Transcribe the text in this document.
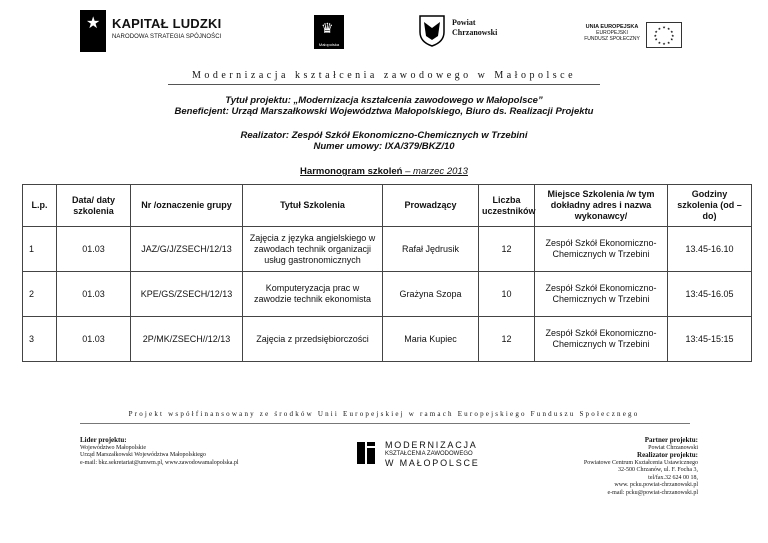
★ KAPITAŁ LUDZKI
NARODOWA STRATEGIA SPÓJNOŚCI
♛
Małopolska
Powiat
Chrzanowski
UNIA EUROPEJSKA
EUROPEJSKI
FUNDUSZ SPOŁECZNY
★ ★
★
★
★
★
★
★
★
★
★
★
Modernizacja kształcenia zawodowego w Małopolsce
Tytuł projektu: „Modernizacja kształcenia zawodowego w Małopolsce”
Beneficjent: Urząd Marszałkowski Województwa Małopolskiego, Biuro ds. Realizacji Projektu
Realizator: Zespół Szkół Ekonomiczno-Chemicznych w Trzebini
Numer umowy: IXA/379/BKZ/10
Harmonogram szkoleń – marzec 2013
L.p.	Data/ daty szkolenia	Nr /oznaczenie grupy	Tytuł Szkolenia	Prowadzący	Liczba uczestników	Miejsce Szkolenia /w tym dokładny adres i nazwa wykonawcy/	Godziny szkolenia (od – do)
1	01.03	JAZ/G/J/ZSECH/12/13	Zajęcia z języka angielskiego w zawodach technik organizacji usług gastronomicznych	Rafał Jędrusik	12	Zespół Szkół Ekonomiczno-Chemicznych w Trzebini	13.45-16.10
2	01.03	KPE/GS/ZSECH/12/13	Komputeryzacja prac w zawodzie technik ekonomista	Grażyna Szopa	10	Zespół Szkół Ekonomiczno-Chemicznych w Trzebini	13:45-16.05
3	01.03	2P/MK/ZSECH//12/13	Zajęcia z przedsiębiorczości	Maria Kupiec	12	Zespół Szkół Ekonomiczno-Chemicznych w Trzebini	13:45-15:15
Projekt współfinansowany ze środków Unii Europejskiej w ramach Europejskiego Funduszu Społecznego
Lider projektu:
Województwo Małopolskie
Urząd Marszałkowski Województwa Małopolskiego
e-mail: bkz.sekretariat@umwm.pl, www.zawodowamalopolska.pl
MODERNIZACJA
KSZTAŁCENIA ZAWODOWEGO
W MAŁOPOLSCE
Partner projektu:
Powiat Chrzanowski
Realizator projektu:
Powiatowe Centrum Kształcenia Ustawicznego
32-500 Chrzanów, ul. F. Focha 3,
tel/fax.32 624 00 18,
www. pcku.powiat-chrzanowski.pl
e-mail: pcku@powiat-chrzanowski.pl
